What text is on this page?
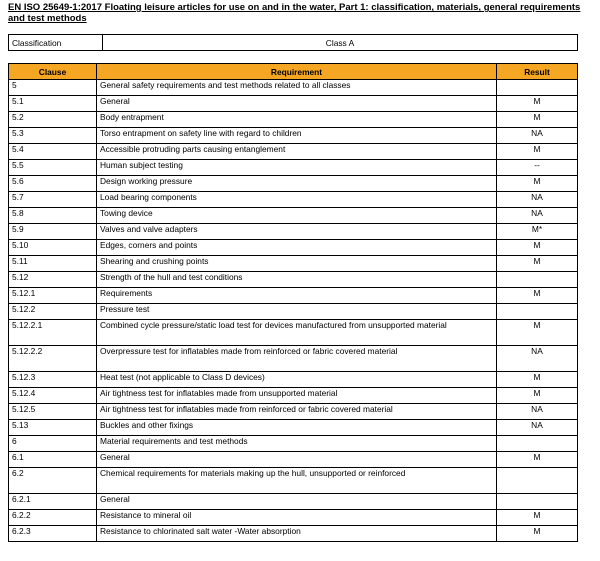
EN ISO 25649-1:2017 Floating leisure articles for use on and in the water, Part 1: classification, materials, general requirements and test methods
Classification	Class A
Clause	Requirement	Result
5	General safety requirements and test methods related to all classes	
5.1	General	M
5.2	Body entrapment	M
5.3	Torso entrapment on safety line with regard to children	NA
5.4	Accessible protruding parts causing entanglement	M
5.5	Human subject testing	--
5.6	Design working pressure	M
5.7	Load bearing components	NA
5.8	Towing device	NA
5.9	Valves and valve adapters	M*
5.10	Edges, corners and points	M
5.11	Shearing and crushing points	M
5.12	Strength of the hull and test conditions	
5.12.1	Requirements	M
5.12.2	Pressure test	
5.12.2.1	Combined cycle pressure/static load test for devices manufactured from unsupported material	M
5.12.2.2	Overpressure test for inflatables made from reinforced or fabric covered material	NA
5.12.3	Heat test (not applicable to Class D devices)	M
5.12.4	Air tightness test for inflatables made from unsupported material	M
5.12.5	Air tightness test for inflatables made from reinforced or fabric covered material	NA
5.13	Buckles and other fixings	NA
6	Material requirements and test methods	
6.1	General	M
6.2	Chemical requirements for materials making up the hull, unsupported or reinforced	
6.2.1	General	
6.2.2	Resistance to mineral oil	M
6.2.3	Resistance to chlorinated salt water -Water absorption	M
